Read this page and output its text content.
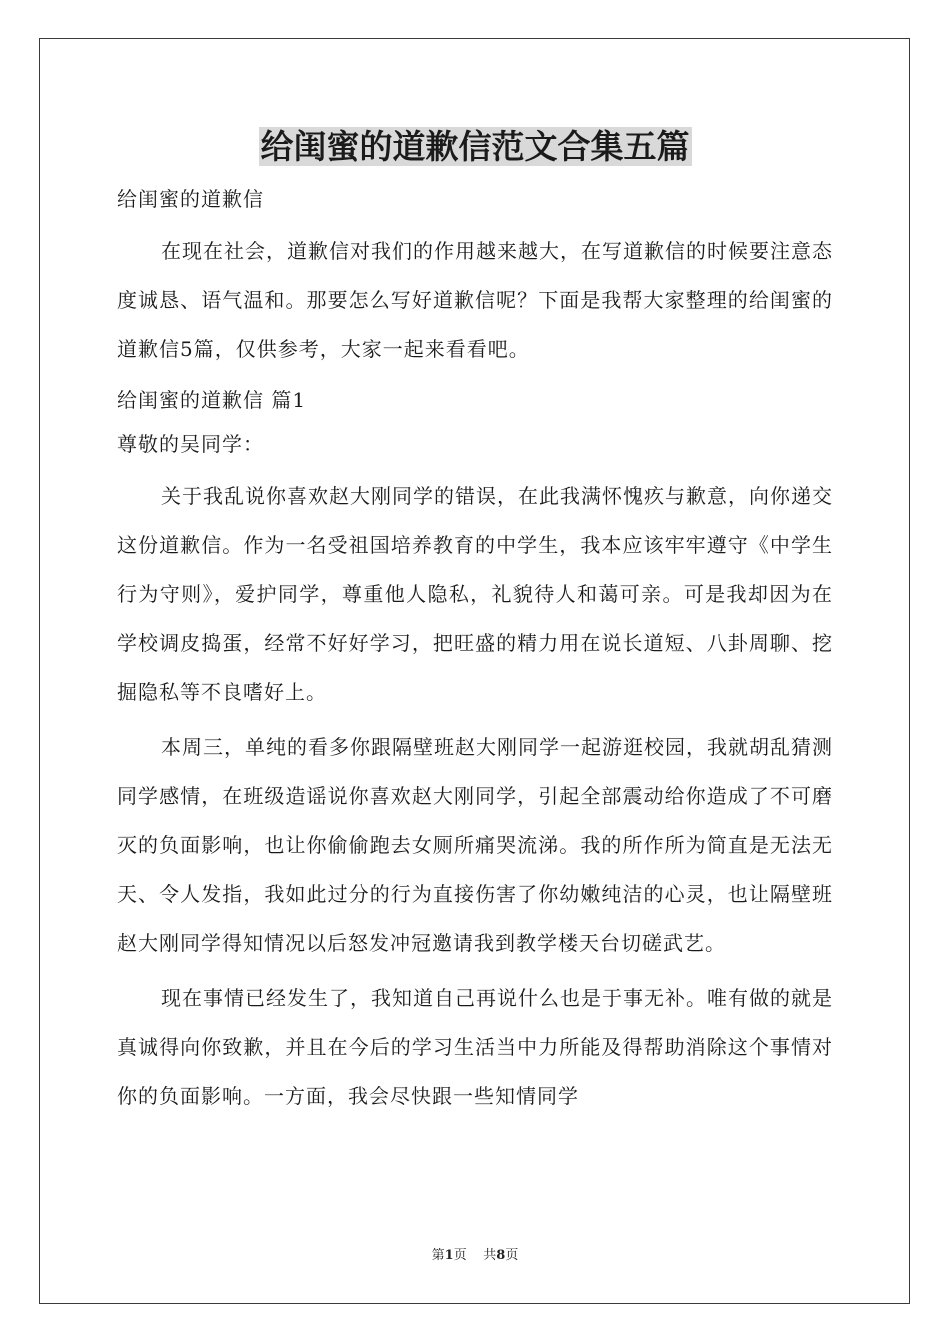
给闺蜜的道歉信范文合集五篇

给闺蜜的道歉信

在现在社会，道歉信对我们的作用越来越大，在写道歉信的时候要注意态度诚恳、语气温和。那要怎么写好道歉信呢？下面是我帮大家整理的给闺蜜的道歉信5篇，仅供参考，大家一起来看看吧。

给闺蜜的道歉信 篇1

尊敬的吴同学：

关于我乱说你喜欢赵大刚同学的错误，在此我满怀愧疚与歉意，向你递交这份道歉信。作为一名受祖国培养教育的中学生，我本应该牢牢遵守《中学生行为守则》，爱护同学，尊重他人隐私，礼貌待人和蔼可亲。可是我却因为在学校调皮捣蛋，经常不好好学习，把旺盛的精力用在说长道短、八卦周聊、挖掘隐私等不良嗜好上。

本周三，单纯的看多你跟隔壁班赵大刚同学一起游逛校园，我就胡乱猜测同学感情，在班级造谣说你喜欢赵大刚同学，引起全部震动给你造成了不可磨灭的负面影响，也让你偷偷跑去女厕所痛哭流涕。我的所作所为简直是无法无天、令人发指，我如此过分的行为直接伤害了你幼嫩纯洁的心灵，也让隔壁班赵大刚同学得知情况以后怒发冲冠邀请我到教学楼天台切磋武艺。

现在事情已经发生了，我知道自己再说什么也是于事无补。唯有做的就是真诚得向你致歉，并且在今后的学习生活当中力所能及得帮助消除这个事情对你的负面影响。一方面，我会尽快跟一些知情同学

第1页 共8页
